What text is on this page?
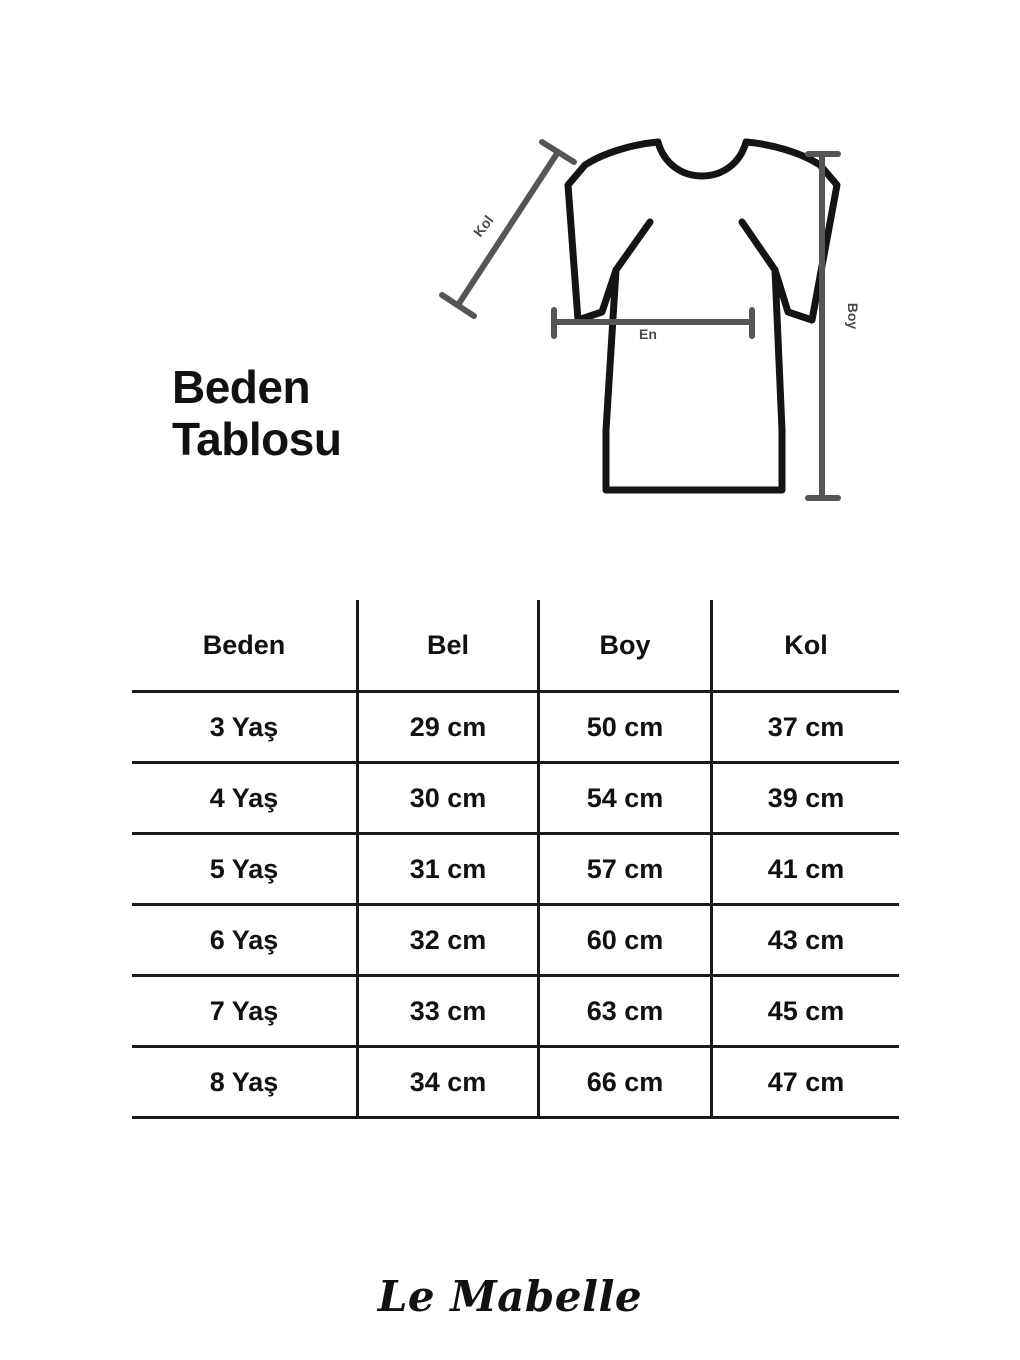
Beden
Tablosu
Kol
En
Boy
Beden	Bel	Boy	Kol
3 Yaş	29 cm	50 cm	37 cm
4 Yaş	30 cm	54 cm	39 cm
5 Yaş	31 cm	57 cm	41 cm
6 Yaş	32 cm	60 cm	43 cm
7 Yaş	33 cm	63 cm	45 cm
8 Yaş	34 cm	66 cm	47 cm
Le Mabelle
